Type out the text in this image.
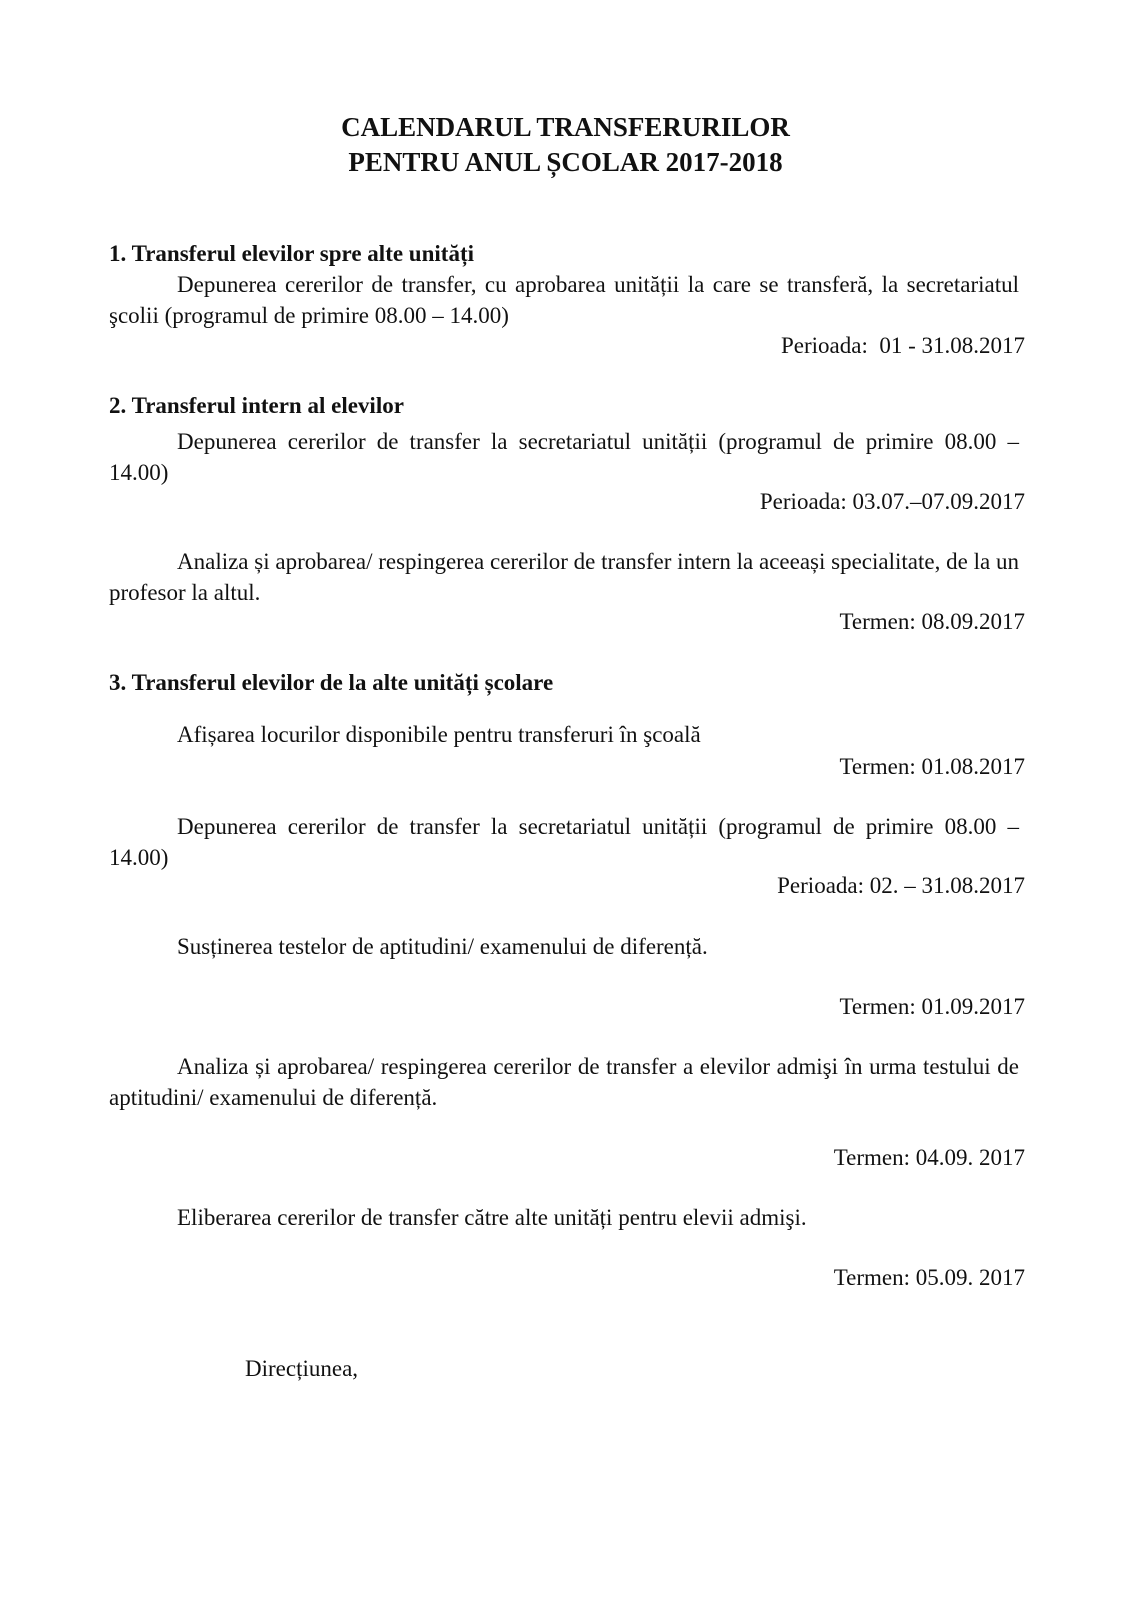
CALENDARUL TRANSFERURILOR
PENTRU ANUL ȘCOLAR 2017-2018
1. Transferul elevilor spre alte unități
Depunerea cererilor de transfer, cu aprobarea unității la care se transferă, la secretariatul şcolii (programul de primire 08.00 – 14.00)
Perioada:  01 - 31.08.2017
2. Transferul intern al elevilor
Depunerea cererilor de transfer la secretariatul unității (programul de primire 08.00 – 14.00)
Perioada: 03.07.–07.09.2017
Analiza și aprobarea/ respingerea cererilor de transfer intern la aceeași specialitate, de la un profesor la altul.
Termen: 08.09.2017
3. Transferul elevilor de la alte unități școlare
Afișarea locurilor disponibile pentru transferuri în şcoală
Termen: 01.08.2017
Depunerea cererilor de transfer la secretariatul unității (programul de primire 08.00 – 14.00)
Perioada: 02. – 31.08.2017
Susținerea testelor de aptitudini/ examenului de diferență.
Termen: 01.09.2017
Analiza și aprobarea/ respingerea cererilor de transfer a elevilor admişi în urma testului de aptitudini/ examenului de diferență.
Termen: 04.09. 2017
Eliberarea cererilor de transfer către alte unități pentru elevii admişi.
Termen: 05.09. 2017
Direcțiunea,
